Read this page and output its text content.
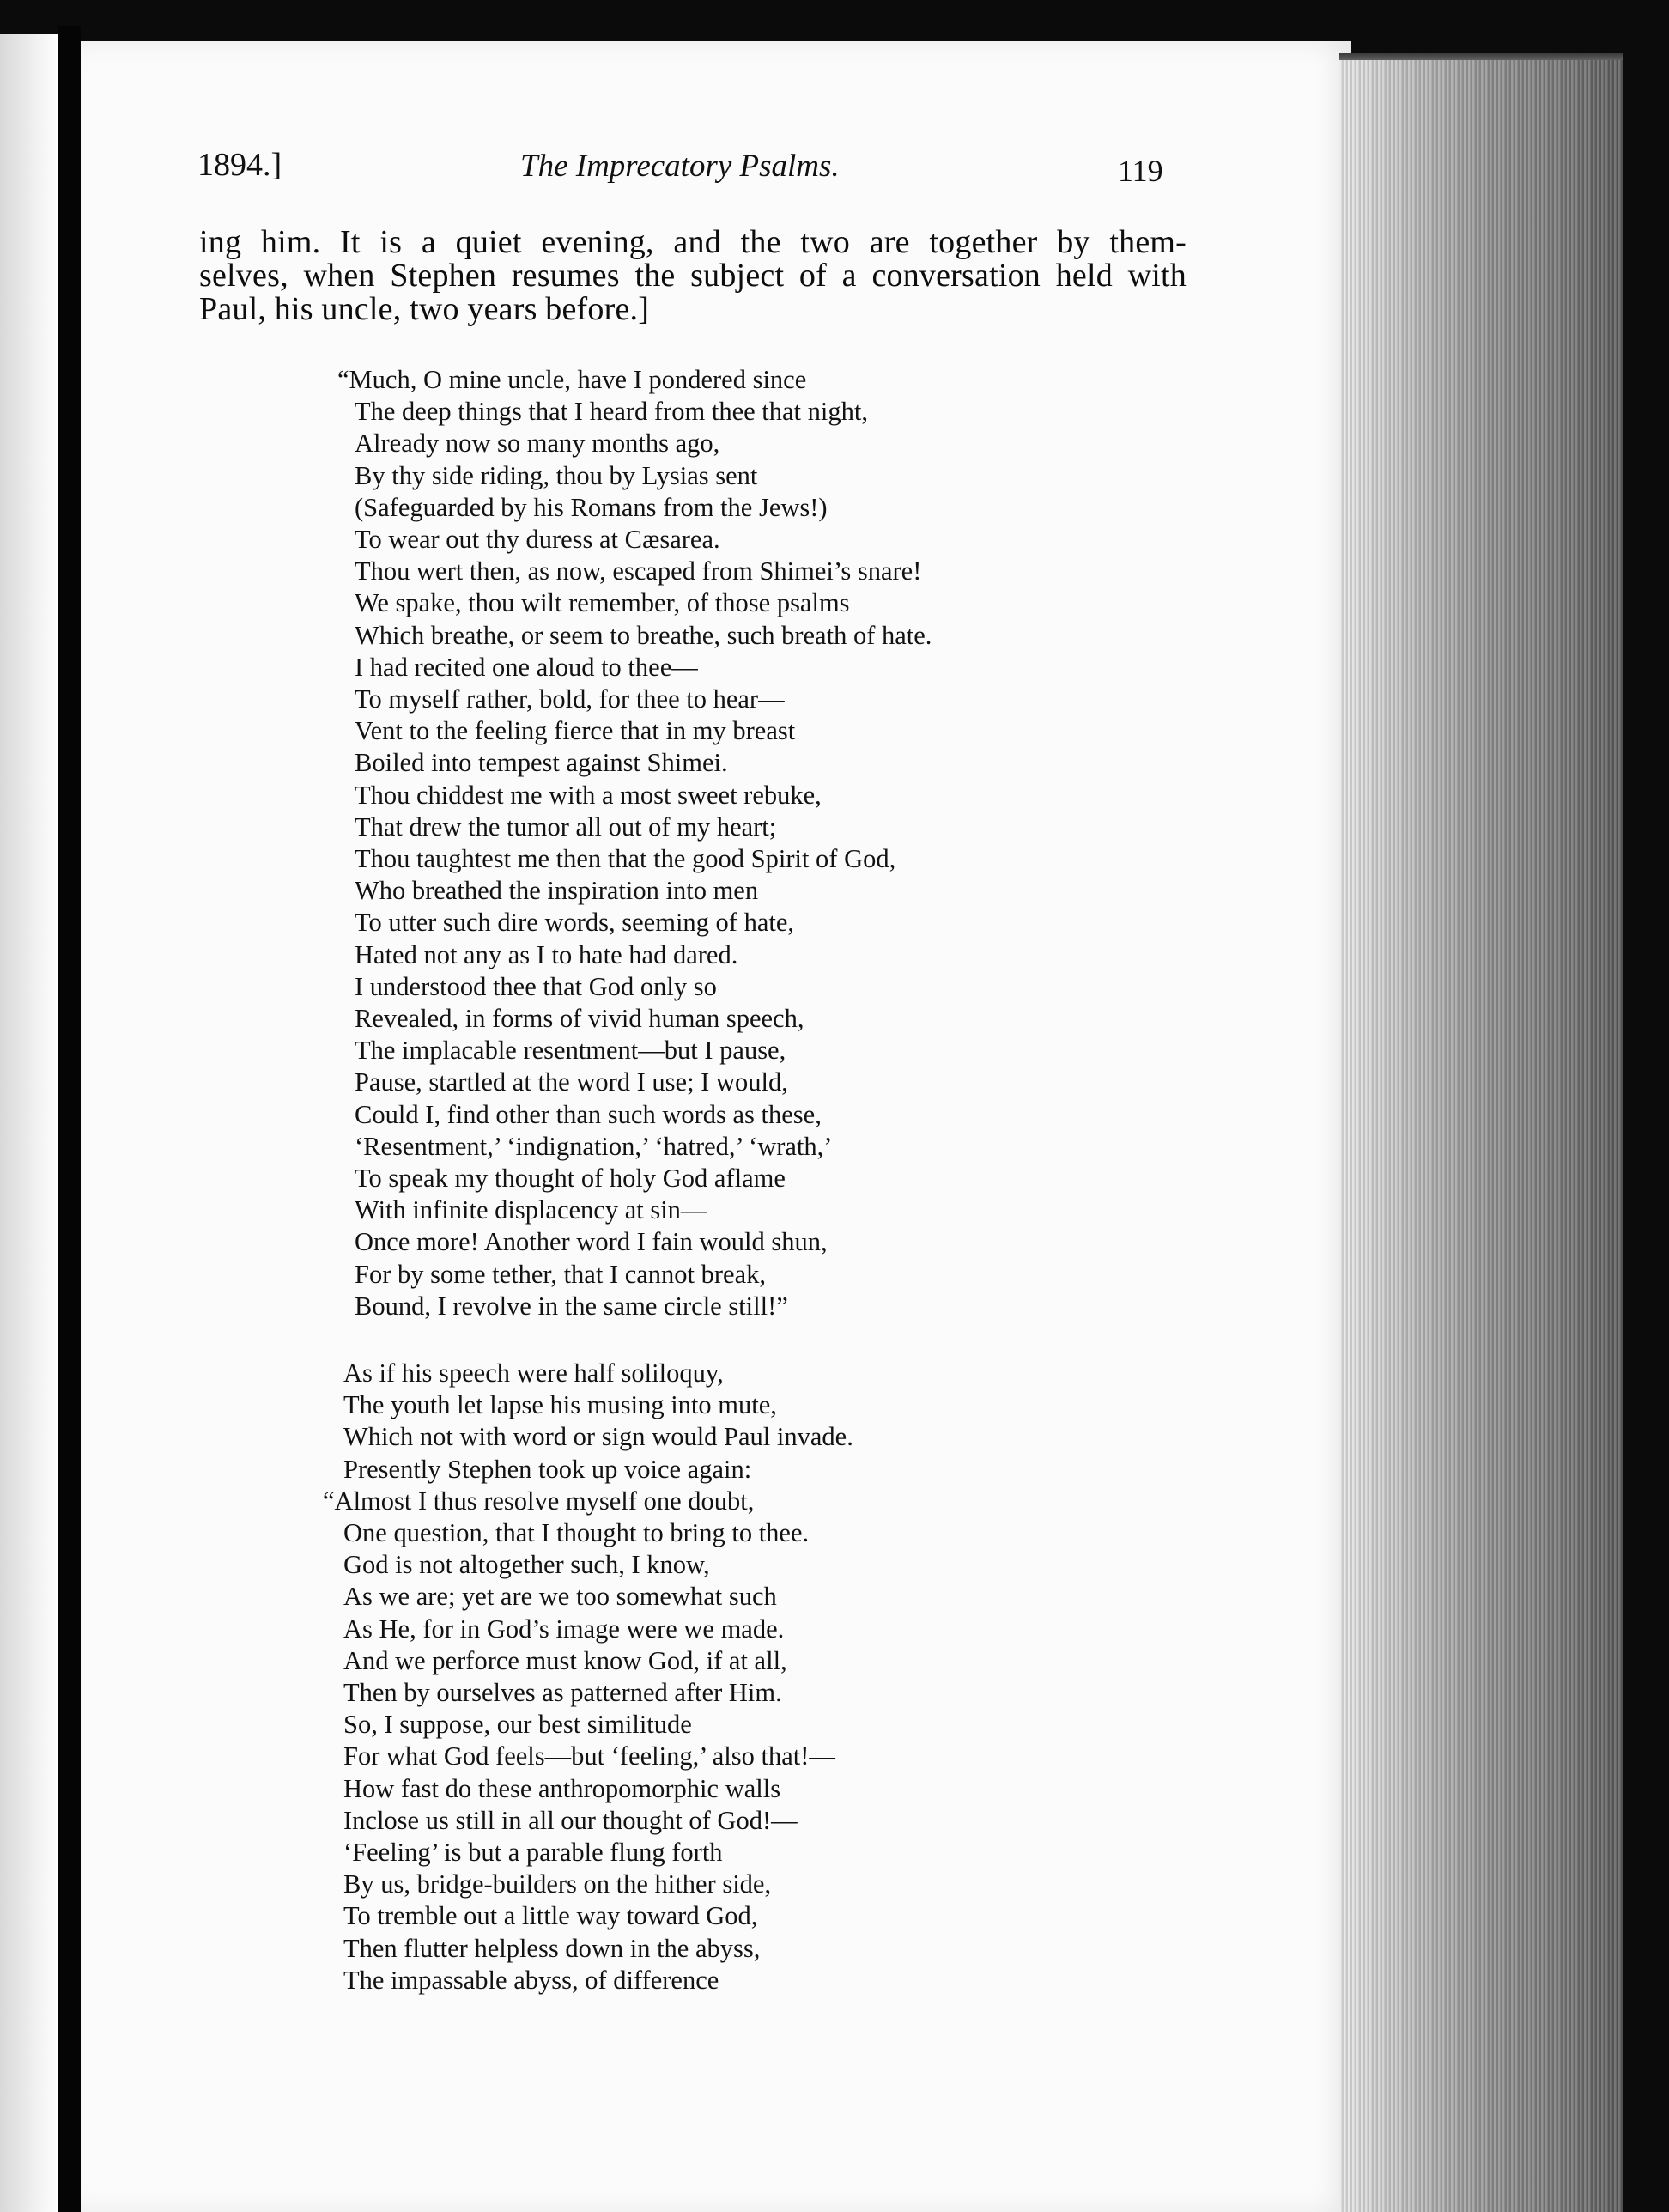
1894.]	The Imprecatory Psalms.	119
ing him. It is a quiet evening, and the two are together by them-
selves, when Stephen resumes the subject of a conversation held with
Paul, his uncle, two years before.]
“Much, O mine uncle, have I pondered since
The deep things that I heard from thee that night,
Already now so many months ago,
By thy side riding, thou by Lysias sent
(Safeguarded by his Romans from the Jews!)
To wear out thy duress at Cæsarea.
Thou wert then, as now, escaped from Shimei’s snare!
We spake, thou wilt remember, of those psalms
Which breathe, or seem to breathe, such breath of hate.
I had recited one aloud to thee—
To myself rather, bold, for thee to hear—
Vent to the feeling fierce that in my breast
Boiled into tempest against Shimei.
Thou chiddest me with a most sweet rebuke,
That drew the tumor all out of my heart;
Thou taughtest me then that the good Spirit of God,
Who breathed the inspiration into men
To utter such dire words, seeming of hate,
Hated not any as I to hate had dared.
I understood thee that God only so
Revealed, in forms of vivid human speech,
The implacable resentment—but I pause,
Pause, startled at the word I use; I would,
Could I, find other than such words as these,
‘Resentment,’ ‘indignation,’ ‘hatred,’ ‘wrath,’
To speak my thought of holy God aflame
With infinite displacency at sin—
Once more! Another word I fain would shun,
For by some tether, that I cannot break,
Bound, I revolve in the same circle still!”
As if his speech were half soliloquy,
The youth let lapse his musing into mute,
Which not with word or sign would Paul invade.
Presently Stephen took up voice again:
“Almost I thus resolve myself one doubt,
One question, that I thought to bring to thee.
God is not altogether such, I know,
As we are; yet are we too somewhat such
As He, for in God’s image were we made.
And we perforce must know God, if at all,
Then by ourselves as patterned after Him.
So, I suppose, our best similitude
For what God feels—but ‘feeling,’ also that!—
How fast do these anthropomorphic walls
Inclose us still in all our thought of God!—
‘Feeling’ is but a parable flung forth
By us, bridge-builders on the hither side,
To tremble out a little way toward God,
Then flutter helpless down in the abyss,
The impassable abyss, of difference
